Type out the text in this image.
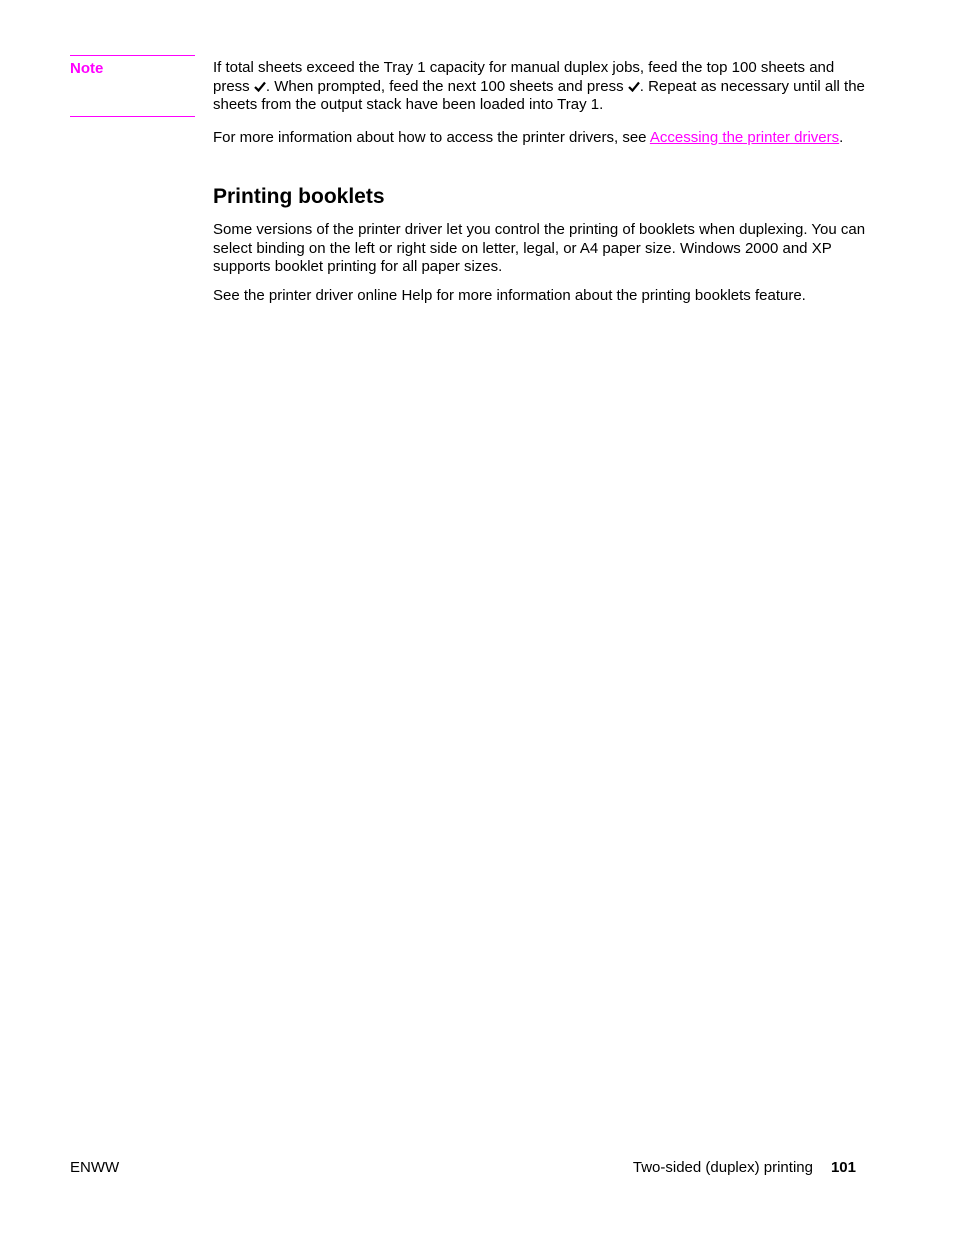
Note	If total sheets exceed the Tray 1 capacity for manual duplex jobs, feed the top 100 sheets and press . When prompted, feed the next 100 sheets and press . Repeat as necessary until all the sheets from the output stack have been loaded into Tray 1.
For more information about how to access the printer drivers, see Accessing the printer drivers.
Printing booklets
Some versions of the printer driver let you control the printing of booklets when duplexing. You can select binding on the left or right side on letter, legal, or A4 paper size. Windows 2000 and XP supports booklet printing for all paper sizes.
See the printer driver online Help for more information about the printing booklets feature.
ENWW	Two-sided (duplex) printing 101
